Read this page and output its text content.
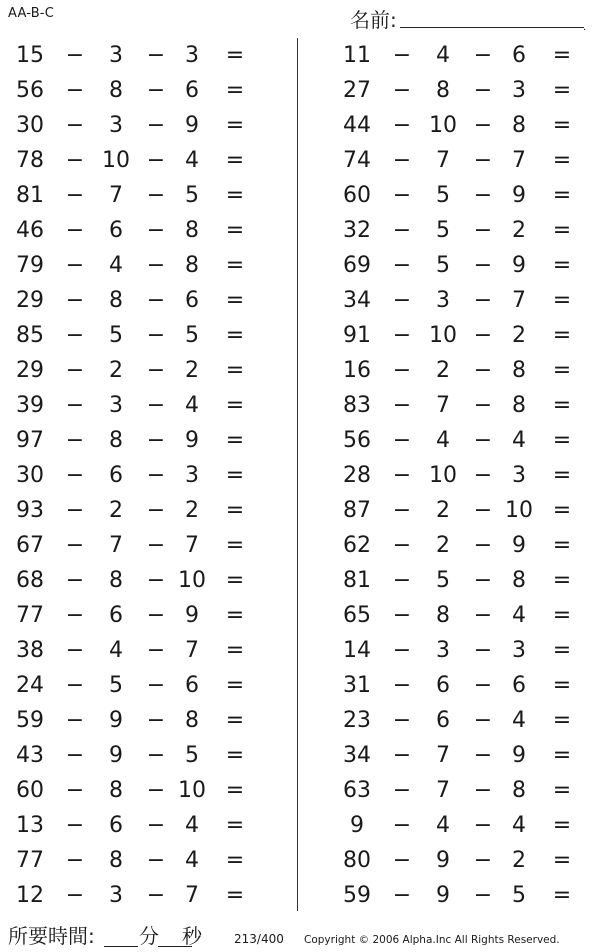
AA-B-C	名前:	.
15 −	3	− 3	=
56 −	8	− 6	=
30 −	3	− 9	=
78 − 10 − 4	=
81 −	7	− 5	=
46 −	6	− 8	=
79 −	4	− 8	=
29 −	8	− 6	=
85 −	5	− 5	=
29 −	2	− 2	=
39 −	3	− 4	=
97 −	8	− 9	=
30 −	6	− 3	=
93 −	2	− 2	=
67 −	7	− 7	=
68 −	8	− 10 =
77 −	6	− 9	=
38 −	4	− 7	=
24 −	5	− 6	=
59 −	9	− 8	=
43 −	9	− 5	=
60 −	8	− 10 =
13 −	6	− 4	=
77 −	8	− 4	=
12 −	3	− 7	=
11 −	4	− 6	=
27 −	8	− 3	=
44 − 10 − 8	=
74 −	7	− 7	=
60 −	5	− 9	=
32 −	5	− 2	=
69 −	5	− 9	=
34 −	3	− 7	=
91 − 10 − 2	=
16 −	2	− 8	=
83 −	7	− 8	=
56 −	4	− 4	=
28 − 10 − 3	=
87 −	2	− 10 =
62 −	2	− 9	=
81 −	5	− 8	=
65 −	8	− 4	=
14 −	3	− 3	=
31 −	6	− 6	=
23 −	6	− 4	=
34 −	7	− 9	=
63 −	7	− 8	=
9	−	4	− 4	=
80 −	9	− 2	=
59 −	9	− 5	=
所要時間: 分 秒	213/400 Copyright © 2006 Alpha.Inc All Rights Reserved.
